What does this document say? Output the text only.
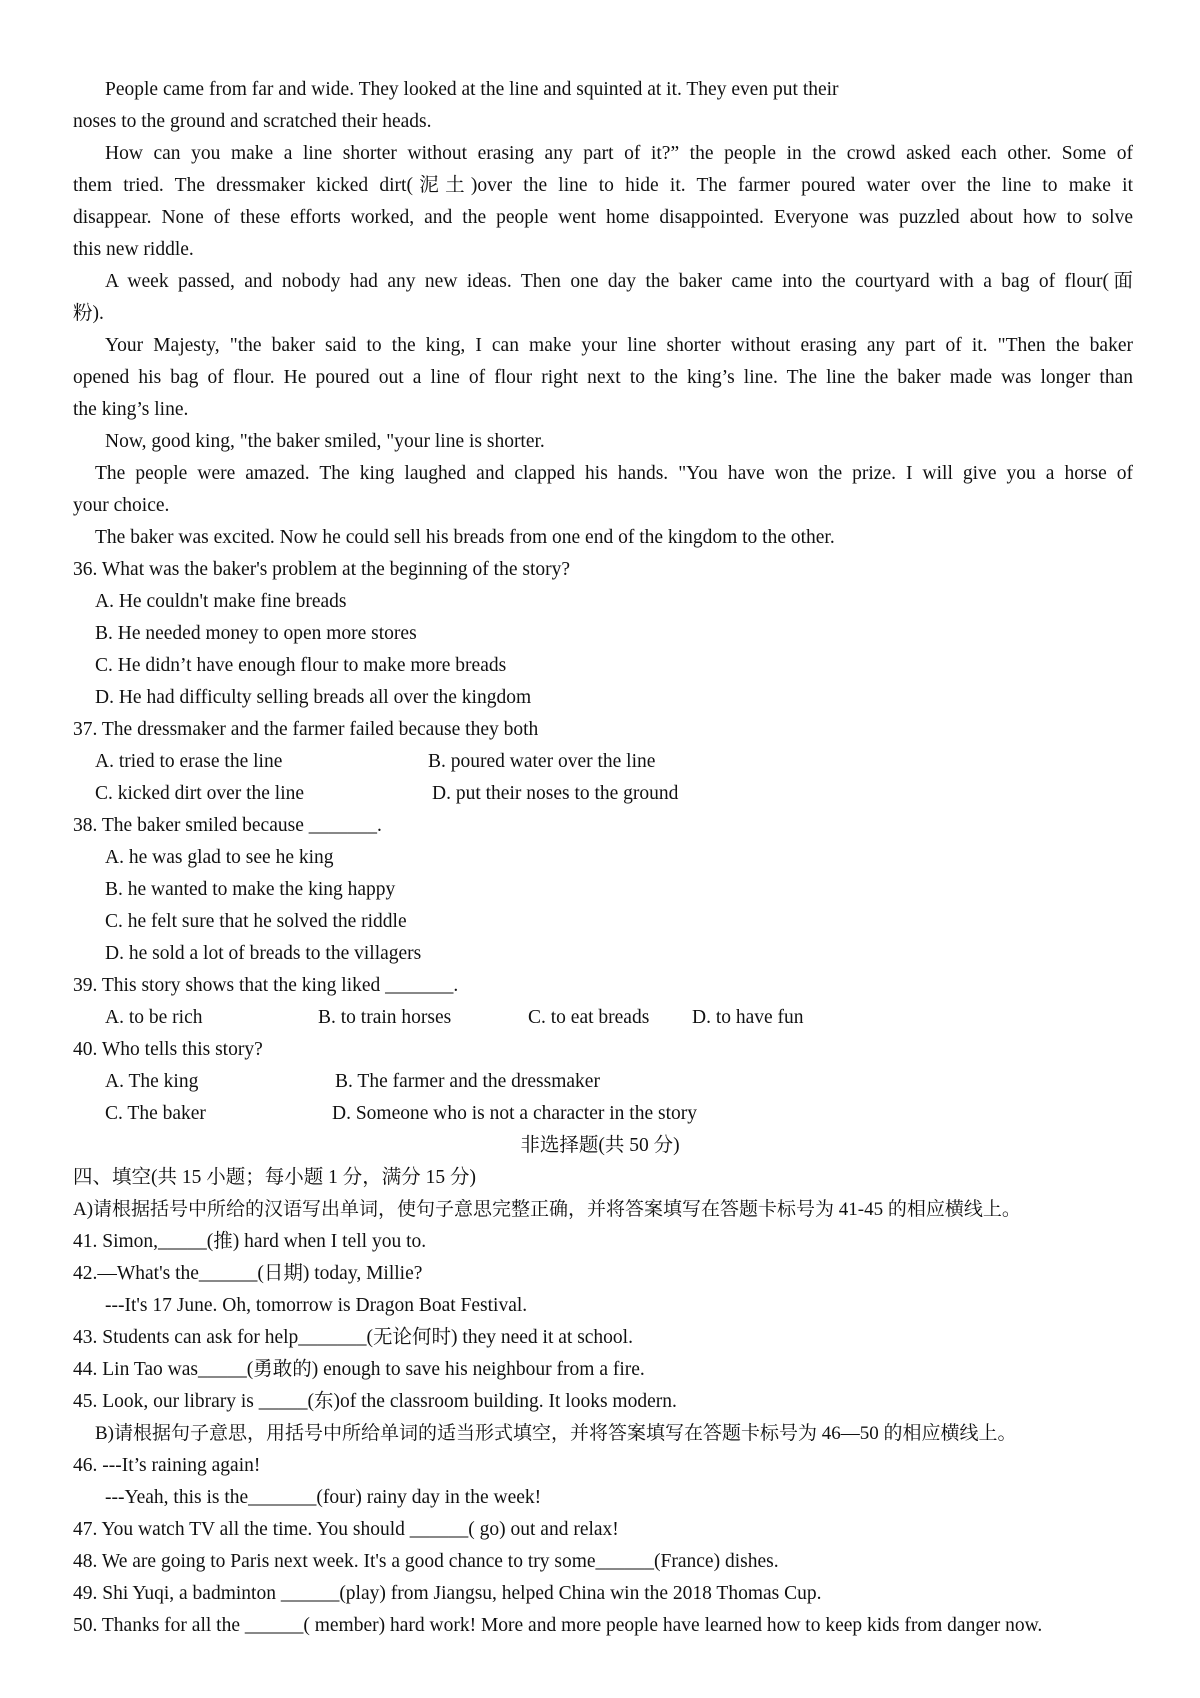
People came from far and wide. They looked at the line and squinted at it. They even put their
noses to the ground and scratched their heads.
How can you make a line shorter without erasing any part of it?” the people in the crowd asked each other. Some of
them tried. The dressmaker kicked dirt(泥土)over the line to hide it. The farmer poured water over the line to make it
disappear. None of these efforts worked, and the people went home disappointed. Everyone was puzzled about how to solve
this new riddle.
A week passed, and nobody had any new ideas. Then one day the baker came into the courtyard with a bag of flour(面
粉).
Your Majesty, "the baker said to the king, I can make your line shorter without erasing any part of it. "Then the baker
opened his bag of flour. He poured out a line of flour right next to the king’s line. The line the baker made was longer than
the king’s line.
Now, good king, "the baker smiled, "your line is shorter.
The people were amazed. The king laughed and clapped his hands. "You have won the prize. I will give you a horse of
your choice.
The baker was excited. Now he could sell his breads from one end of the kingdom to the other.
36. What was the baker's problem at the beginning of the story?
A. He couldn't make fine breads
B. He needed money to open more stores
C. He didn’t have enough flour to make more breads
D. He had difficulty selling breads all over the kingdom
37. The dressmaker and the farmer failed because they both
A. tried to erase the line	B. poured water over the line
C. kicked dirt over the line	D. put their noses to the ground
38. The baker smiled because _______.
A. he was glad to see he king
B. he wanted to make the king happy
C. he felt sure that he solved the riddle
D. he sold a lot of breads to the villagers
39. This story shows that the king liked _______.
A. to be rich	B. to train horses	C. to eat breads D. to have fun
40. Who tells this story?
A. The king	B. The farmer and the dressmaker
C. The baker	D. Someone who is not a character in the story
非选择题(共 50 分)
四、填空(共 15 小题；每小题 1 分，满分 15 分)
A)请根据括号中所给的汉语写出单词，使句子意思完整正确，并将答案填写在答题卡标号为 41-45 的相应横线上。
41. Simon,_____(推) hard when I tell you to.
42.—What's the______(日期) today, Millie?
---It's 17 June. Oh, tomorrow is Dragon Boat Festival.
43. Students can ask for help_______(无论何时) they need it at school.
44. Lin Tao was_____(勇敢的) enough to save his neighbour from a fire.
45. Look, our library is _____(东)of the classroom building. It looks modern.
B)请根据句子意思，用括号中所给单词的适当形式填空，并将答案填写在答题卡标号为 46—50 的相应横线上。
46. ---It’s raining again!
---Yeah, this is the_______(four) rainy day in the week!
47. You watch TV all the time. You should ______( go) out and relax!
48. We are going to Paris next week. It's a good chance to try some______(France) dishes.
49. Shi Yuqi, a badminton ______(play) from Jiangsu, helped China win the 2018 Thomas Cup.
50. Thanks for all the ______( member) hard work! More and more people have learned how to keep kids from danger now.
